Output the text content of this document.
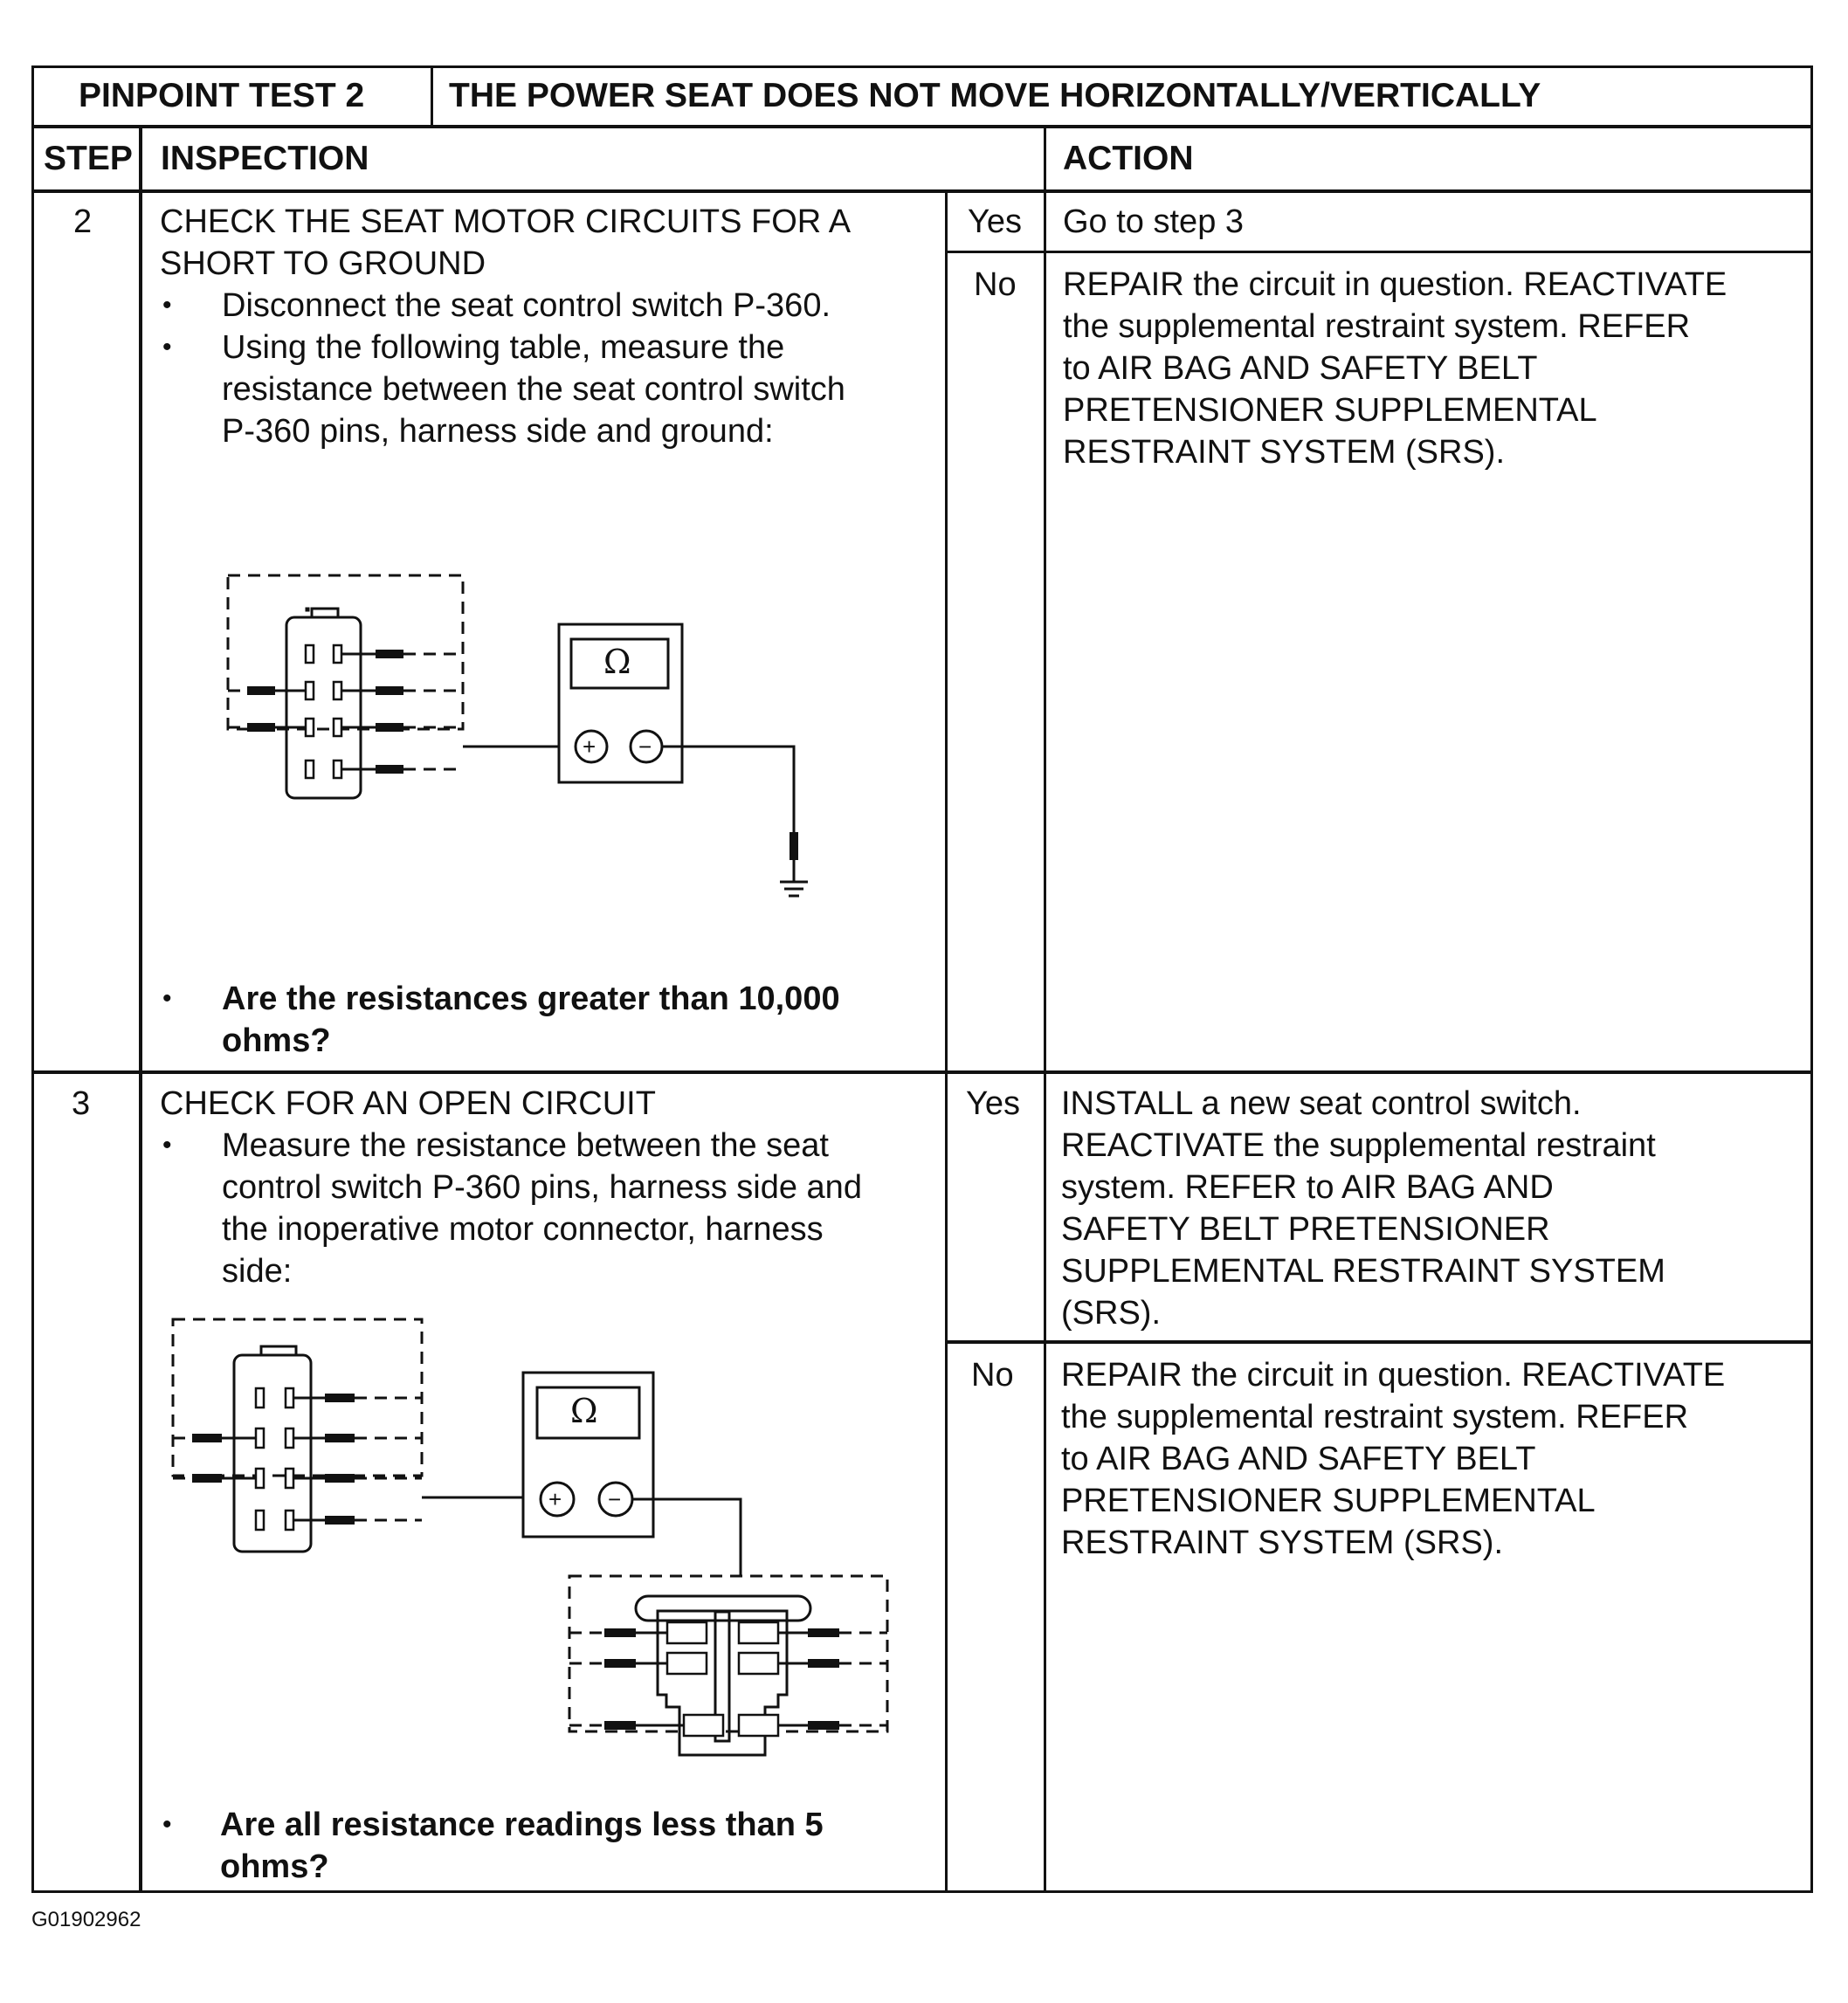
PINPOINT TEST 2 THE POWER SEAT DOES NOT MOVE HORIZONTALLY/VERTICALLY
STEP INSPECTION	ACTION
2 CHECK THE SEAT MOTOR CIRCUITS FOR A
SHORT TO GROUND
• Disconnect the seat control switch P-360.
• Using the following table, measure the
resistance between the seat control switch
P-360 pins, harness side and ground:
Ω
+ −
• Are the resistances greater than 10,000
ohms?
Yes Go to step 3
No REPAIR the circuit in question. REACTIVATE
the supplemental restraint system. REFER
to AIR BAG AND SAFETY BELT
PRETENSIONER SUPPLEMENTAL
RESTRAINT SYSTEM (SRS).
3 CHECK FOR AN OPEN CIRCUIT
• Measure the resistance between the seat
control switch P-360 pins, harness side and
the inoperative motor connector, harness
side:
Ω
+ −
• Are all resistance readings less than 5
ohms?
Yes INSTALL a new seat control switch.
REACTIVATE the supplemental restraint
system. REFER to AIR BAG AND
SAFETY BELT PRETENSIONER
SUPPLEMENTAL RESTRAINT SYSTEM
(SRS).
No REPAIR the circuit in question. REACTIVATE
the supplemental restraint system. REFER
to AIR BAG AND SAFETY BELT
PRETENSIONER SUPPLEMENTAL
RESTRAINT SYSTEM (SRS).
G01902962
